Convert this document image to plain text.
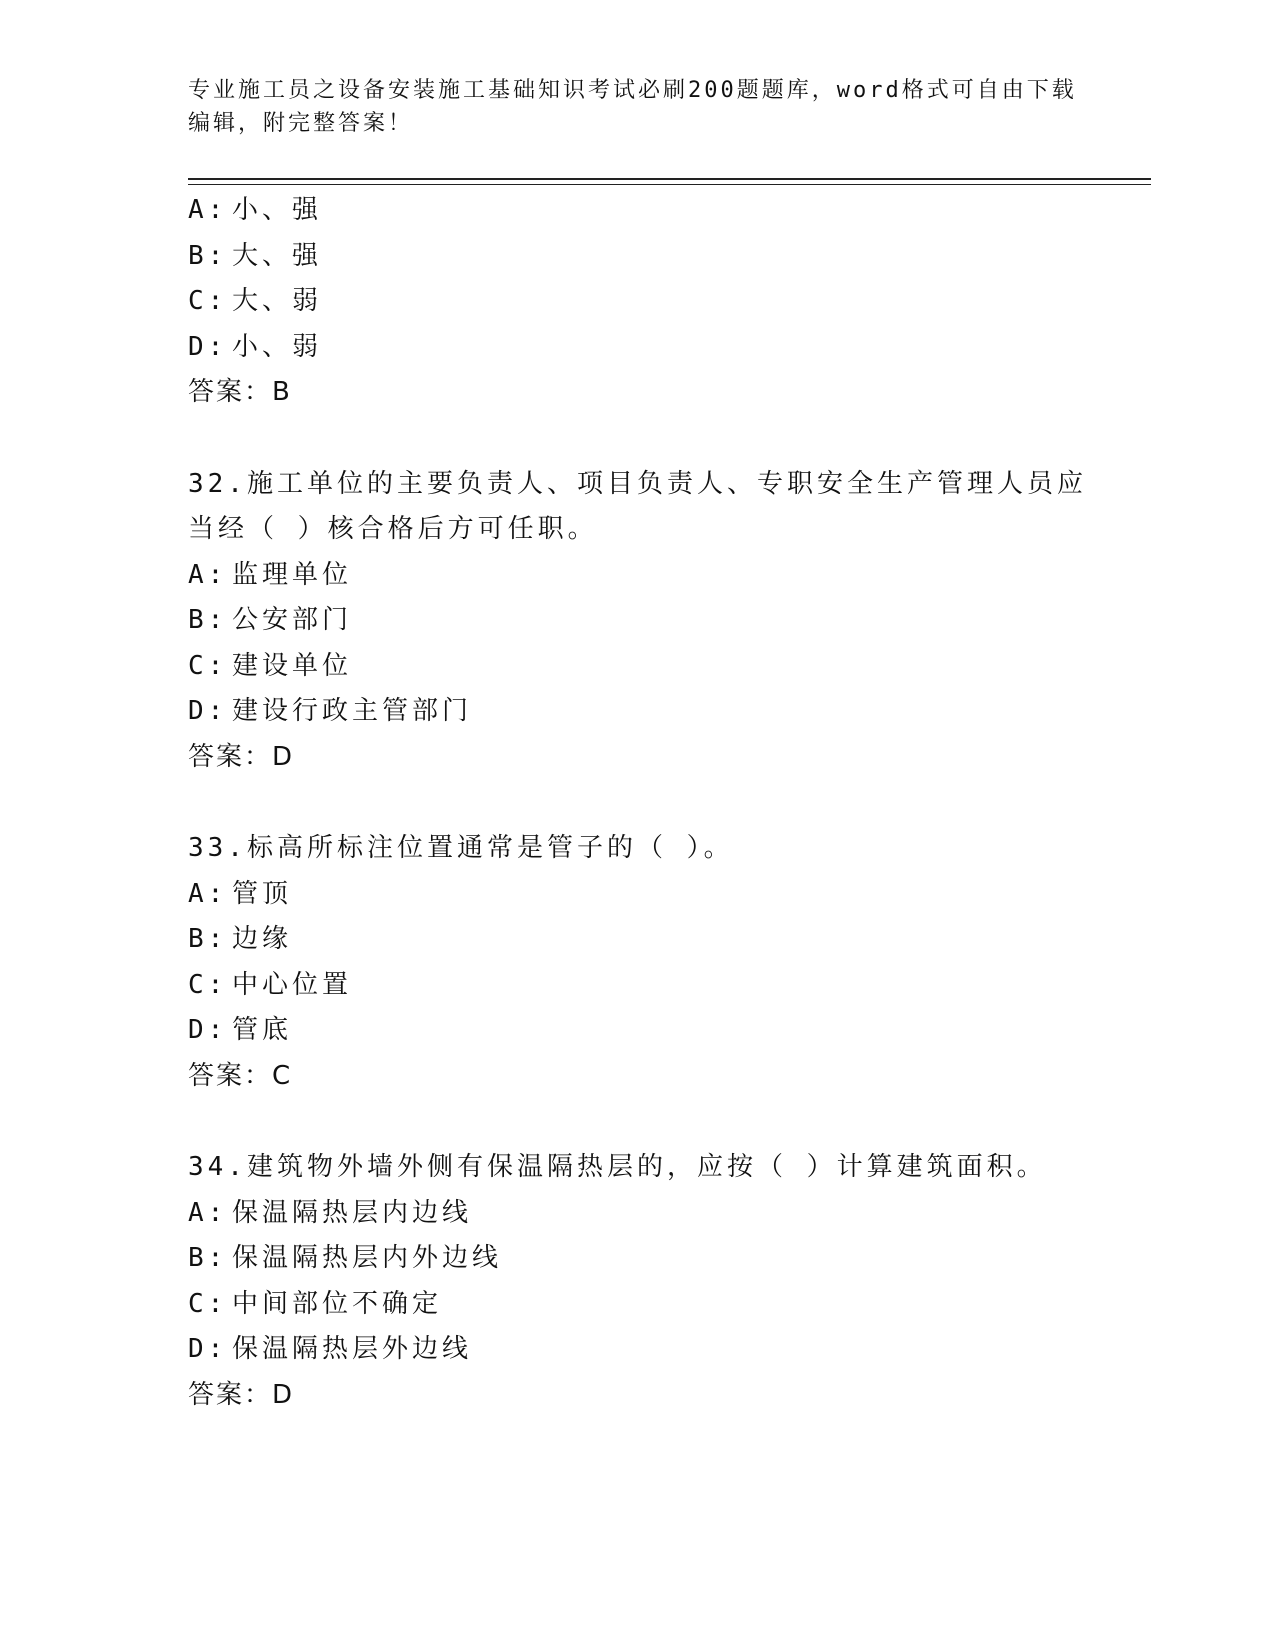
专业施工员之设备安装施工基础知识考试必刷200题题库，word格式可自由下载编辑，附完整答案！
A: 小、强
B: 大、强
C: 大、弱
D: 小、弱
答案：B
32.施工单位的主要负责人、项目负责人、专职安全生产管理人员应当经（ ）核合格后方可任职。
A: 监理单位
B: 公安部门
C: 建设单位
D: 建设行政主管部门
答案：D
33.标高所标注位置通常是管子的（ ）。
A: 管顶
B: 边缘
C: 中心位置
D: 管底
答案：C
34.建筑物外墙外侧有保温隔热层的，应按（ ）计算建筑面积。
A: 保温隔热层内边线
B: 保温隔热层内外边线
C: 中间部位不确定
D: 保温隔热层外边线
答案：D
